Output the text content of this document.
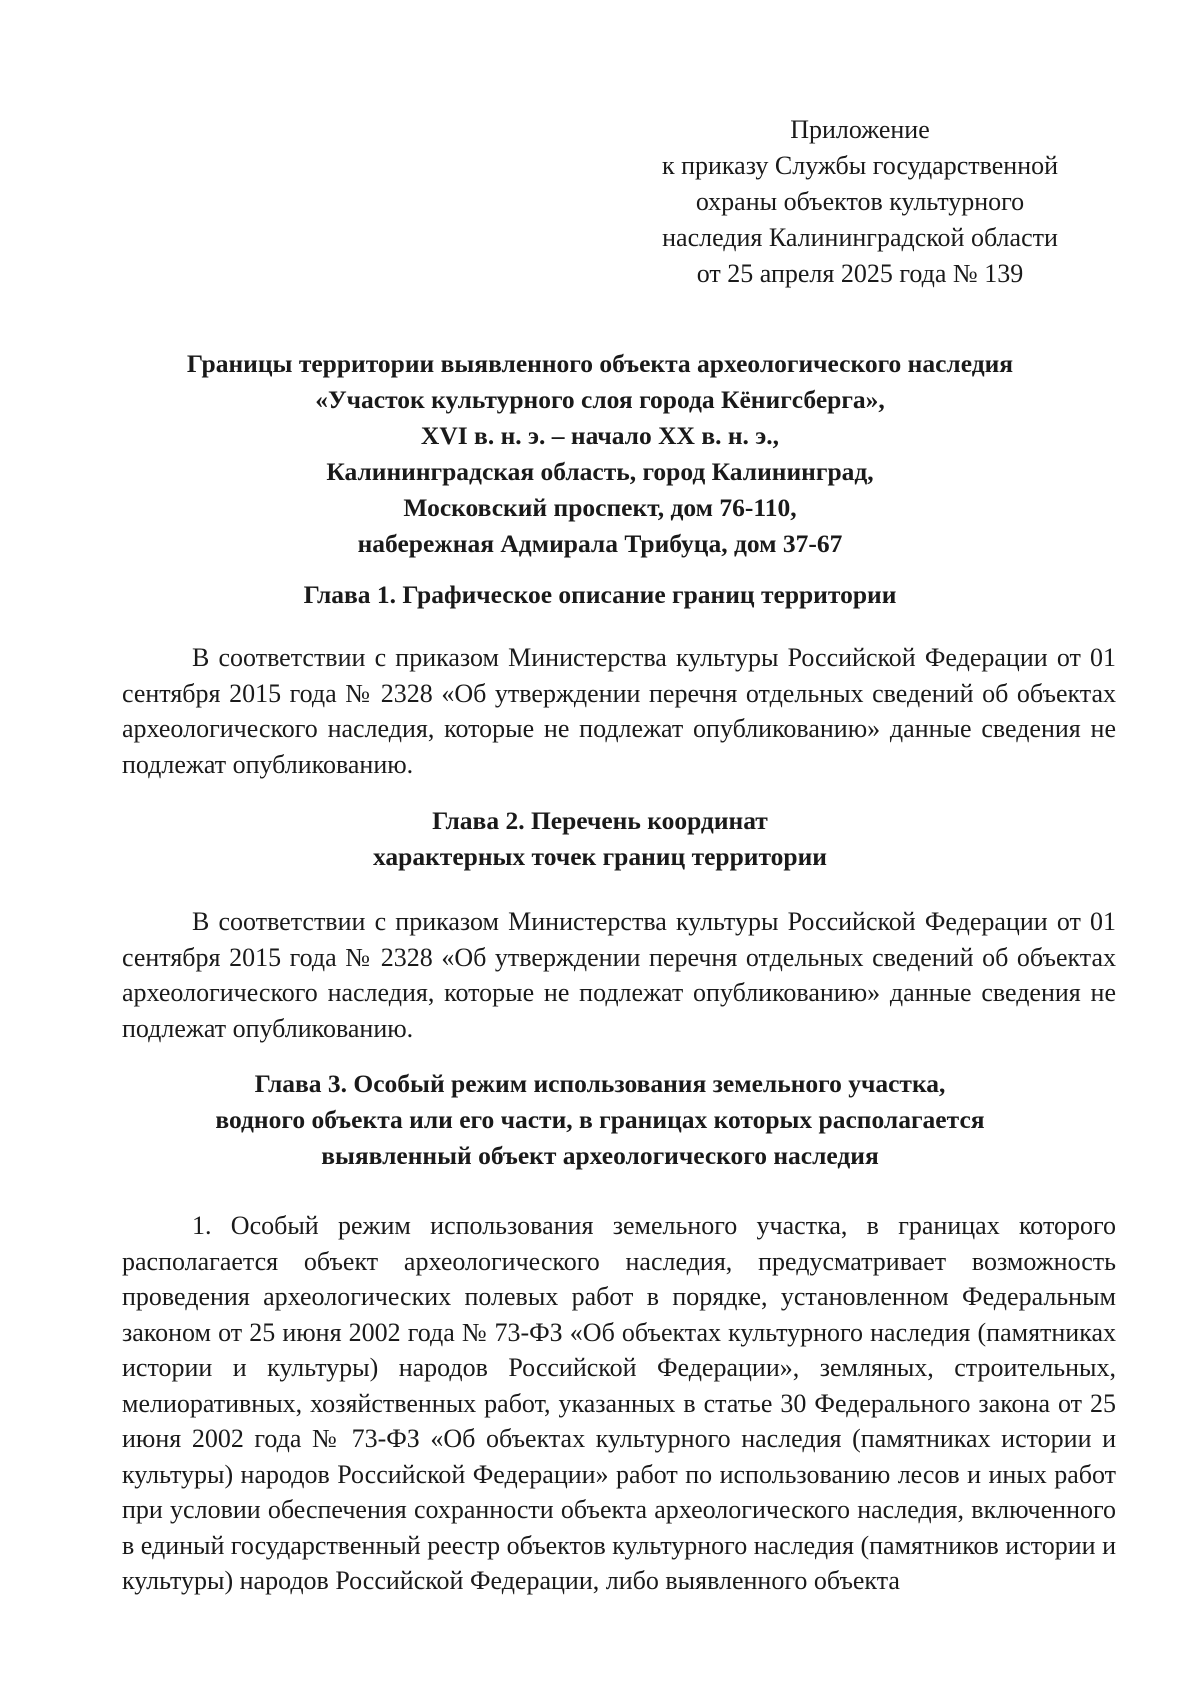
Приложение
к приказу Службы государственной
охраны объектов культурного
наследия Калининградской области
от 25 апреля 2025 года № 139
Границы территории выявленного объекта археологического наследия
«Участок культурного слоя города Кёнигсберга»,
XVI в. н. э. – начало XX в. н. э.,
Калининградская область, город Калининград,
Московский проспект, дом 76-110,
набережная Адмирала Трибуца, дом 37-67
Глава 1. Графическое описание границ территории

В соответствии с приказом Министерства культуры Российской Федерации от 01 сентября 2015 года № 2328 «Об утверждении перечня отдельных сведений об объектах археологического наследия, которые не подлежат опубликованию» данные сведения не подлежат опубликованию.

Глава 2. Перечень координат
характерных точек границ территории

В соответствии с приказом Министерства культуры Российской Федерации от 01 сентября 2015 года № 2328 «Об утверждении перечня отдельных сведений об объектах археологического наследия, которые не подлежат опубликованию» данные сведения не подлежат опубликованию.

Глава 3. Особый режим использования земельного участка,
водного объекта или его части, в границах которых располагается
выявленный объект археологического наследия

1. Особый режим использования земельного участка, в границах которого располагается объект археологического наследия, предусматривает возможность проведения археологических полевых работ в порядке, установленном Федеральным законом от 25 июня 2002 года № 73-ФЗ «Об объектах культурного наследия (памятниках истории и культуры) народов Российской Федерации», земляных, строительных, мелиоративных, хозяйственных работ, указанных в статье 30 Федерального закона от 25 июня 2002 года № 73-ФЗ «Об объектах культурного наследия (памятниках истории и культуры) народов Российской Федерации» работ по использованию лесов и иных работ при условии обеспечения сохранности объекта археологического наследия, включенного в единый государственный реестр объектов культурного наследия (памятников истории и культуры) народов Российской Федерации, либо выявленного объекта
